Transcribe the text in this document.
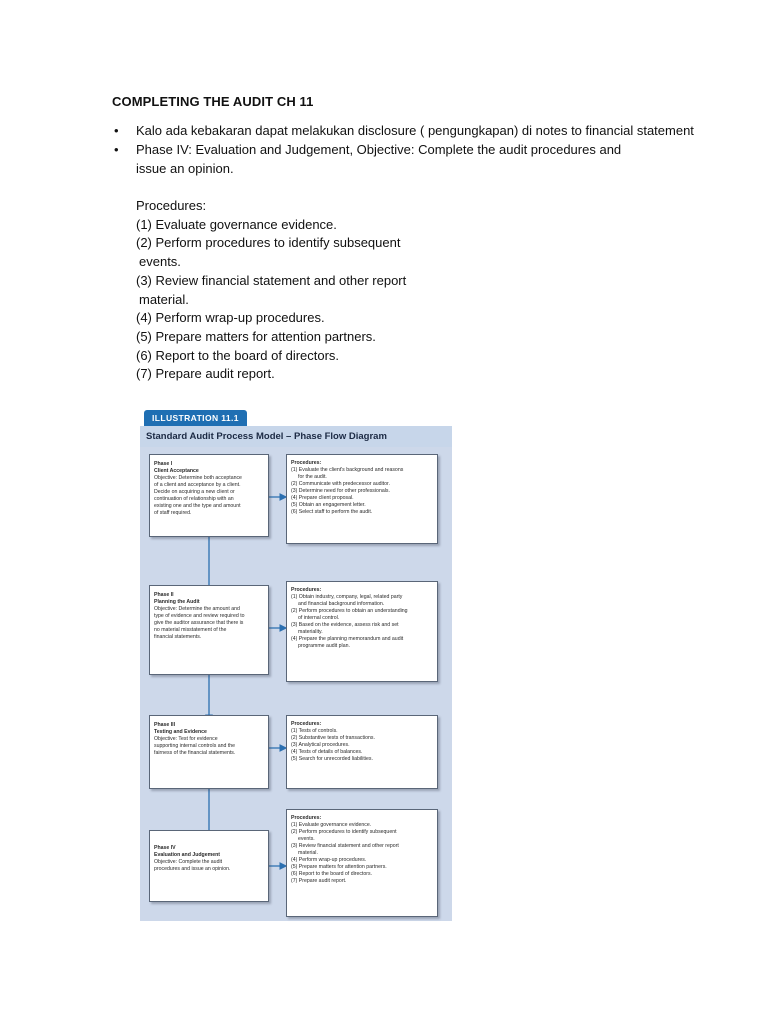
COMPLETING THE AUDIT CH 11
• Kalo ada kebakaran dapat melakukan disclosure ( pengungkapan) di notes to financial statement
• Phase IV: Evaluation and Judgement, Objective: Complete the audit procedures and
issue an opinion.
Procedures:
(1) Evaluate governance evidence.
(2) Perform procedures to identify subsequent
events.
(3) Review financial statement and other report
material.
(4) Perform wrap-up procedures.
(5) Prepare matters for attention partners.
(6) Report to the board of directors.
(7) Prepare audit report.
ILLUSTRATION 11.1
Standard Audit Process Model – Phase Flow Diagram
Phase I
Client Acceptance
Objective: Determine both acceptance
of a client and acceptance by a client.
Decide on acquiring a new client or
continuation of relationship with an
existing one and the type and amount
of staff required.
Procedures:
(1) Evaluate the client's background and reasons
for the audit.
(2) Communicate with predecessor auditor.
(3) Determine need for other professionals.
(4) Prepare client proposal.
(5) Obtain an engagement letter.
(6) Select staff to perform the audit.
Phase II
Planning the Audit
Objective: Determine the amount and
type of evidence and review required to
give the auditor assurance that there is
no material misstatement of the
financial statements.
Procedures:
(1) Obtain industry, company, legal, related party
and financial background information.
(2) Perform procedures to obtain an understanding
of internal control.
(3) Based on the evidence, assess risk and set
materiality.
(4) Prepare the planning memorandum and audit
programme audit plan.
Phase III
Testing and Evidence
Objective: Test for evidence
supporting internal controls and the
fairness of the financial statements.
Procedures:
(1) Tests of controls.
(2) Substantive tests of transactions.
(3) Analytical procedures.
(4) Tests of details of balances.
(5) Search for unrecorded liabilities.
Phase IV
Evaluation and Judgement
Objective: Complete the audit
procedures and issue an opinion.
Procedures:
(1) Evaluate governance evidence.
(2) Perform procedures to identify subsequent
events.
(3) Review financial statement and other report
material.
(4) Perform wrap-up procedures.
(5) Prepare matters for attention partners.
(6) Report to the board of directors.
(7) Prepare audit report.
